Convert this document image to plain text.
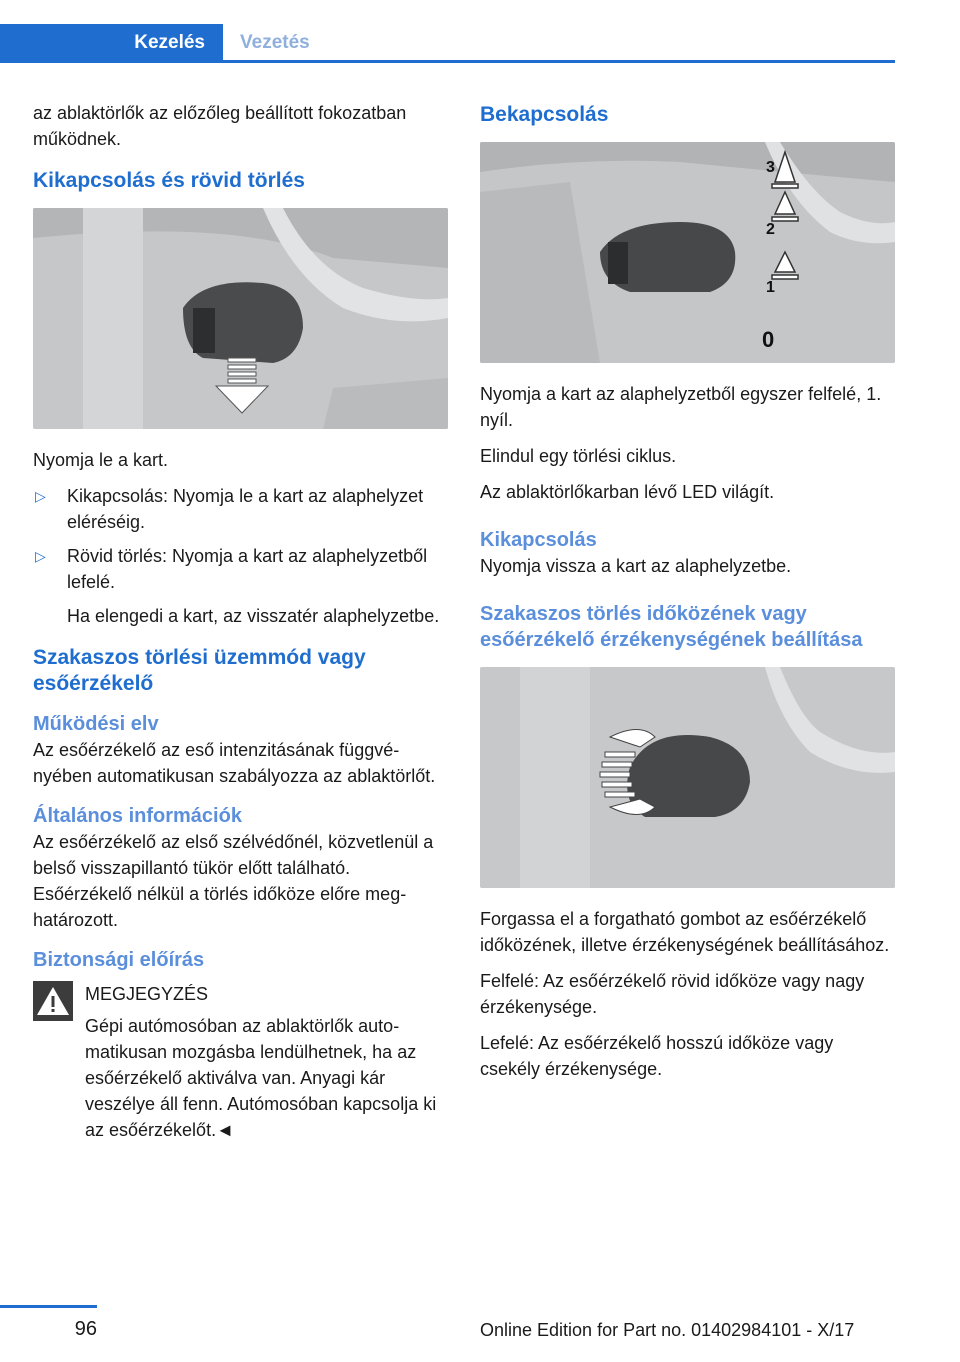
Kezelés	Vezetés

az ablaktörlők az előzőleg beállított fokozatban működnek.

Kikapcsolás és rövid törlés

Nyomja le a kart.

▷ Kikapcsolás: Nyomja le a kart az alaphelyzet eléréséig.
▷ Rövid törlés: Nyomja a kart az alaphelyzetből lefelé.
Ha elengedi a kart, az visszatér alaphelyzetbe.
Szakaszos törlési üzemmód vagy esőérzékelő
Működési elv

Az esőérzékelő az eső intenzitásának függvényében automatikusan szabályozza az ablaktörlőt.

Általános információk

Az esőérzékelő az első szélvédőnél, közvetlenül a belső visszapillantó tükör előtt található. Esőérzékelő nélkül a törlés időköze előre meghatározott.

Biztonsági előírás

MEGJEGYZÉS

Gépi autómosóban az ablaktörlők automatikusan mozgásba lendülhetnek, ha az esőérzékelő aktiválva van. Anyagi kár veszélye áll fenn. Autómosóban kapcsolja ki az esőérzékelőt.◄

Bekapcsolás
3
2
1
0

Nyomja a kart az alaphelyzetből egyszer felfelé, 1. nyíl.

Elindul egy törlési ciklus.

Az ablaktörlőkarban lévő LED világít.

Kikapcsolás

Nyomja vissza a kart az alaphelyzetbe.

Szakaszos törlés időközének vagy esőérzékelő érzékenységének beállítása

Forgassa el a forgatható gombot az esőérzékelő időközének, illetve érzékenységének beállításához.

Felfelé: Az esőérzékelő rövid időköze vagy nagy érzékenysége.

Lefelé: Az esőérzékelő hosszú időköze vagy csekély érzékenysége.

96	Online Edition for Part no. 01402984101 - X/17
